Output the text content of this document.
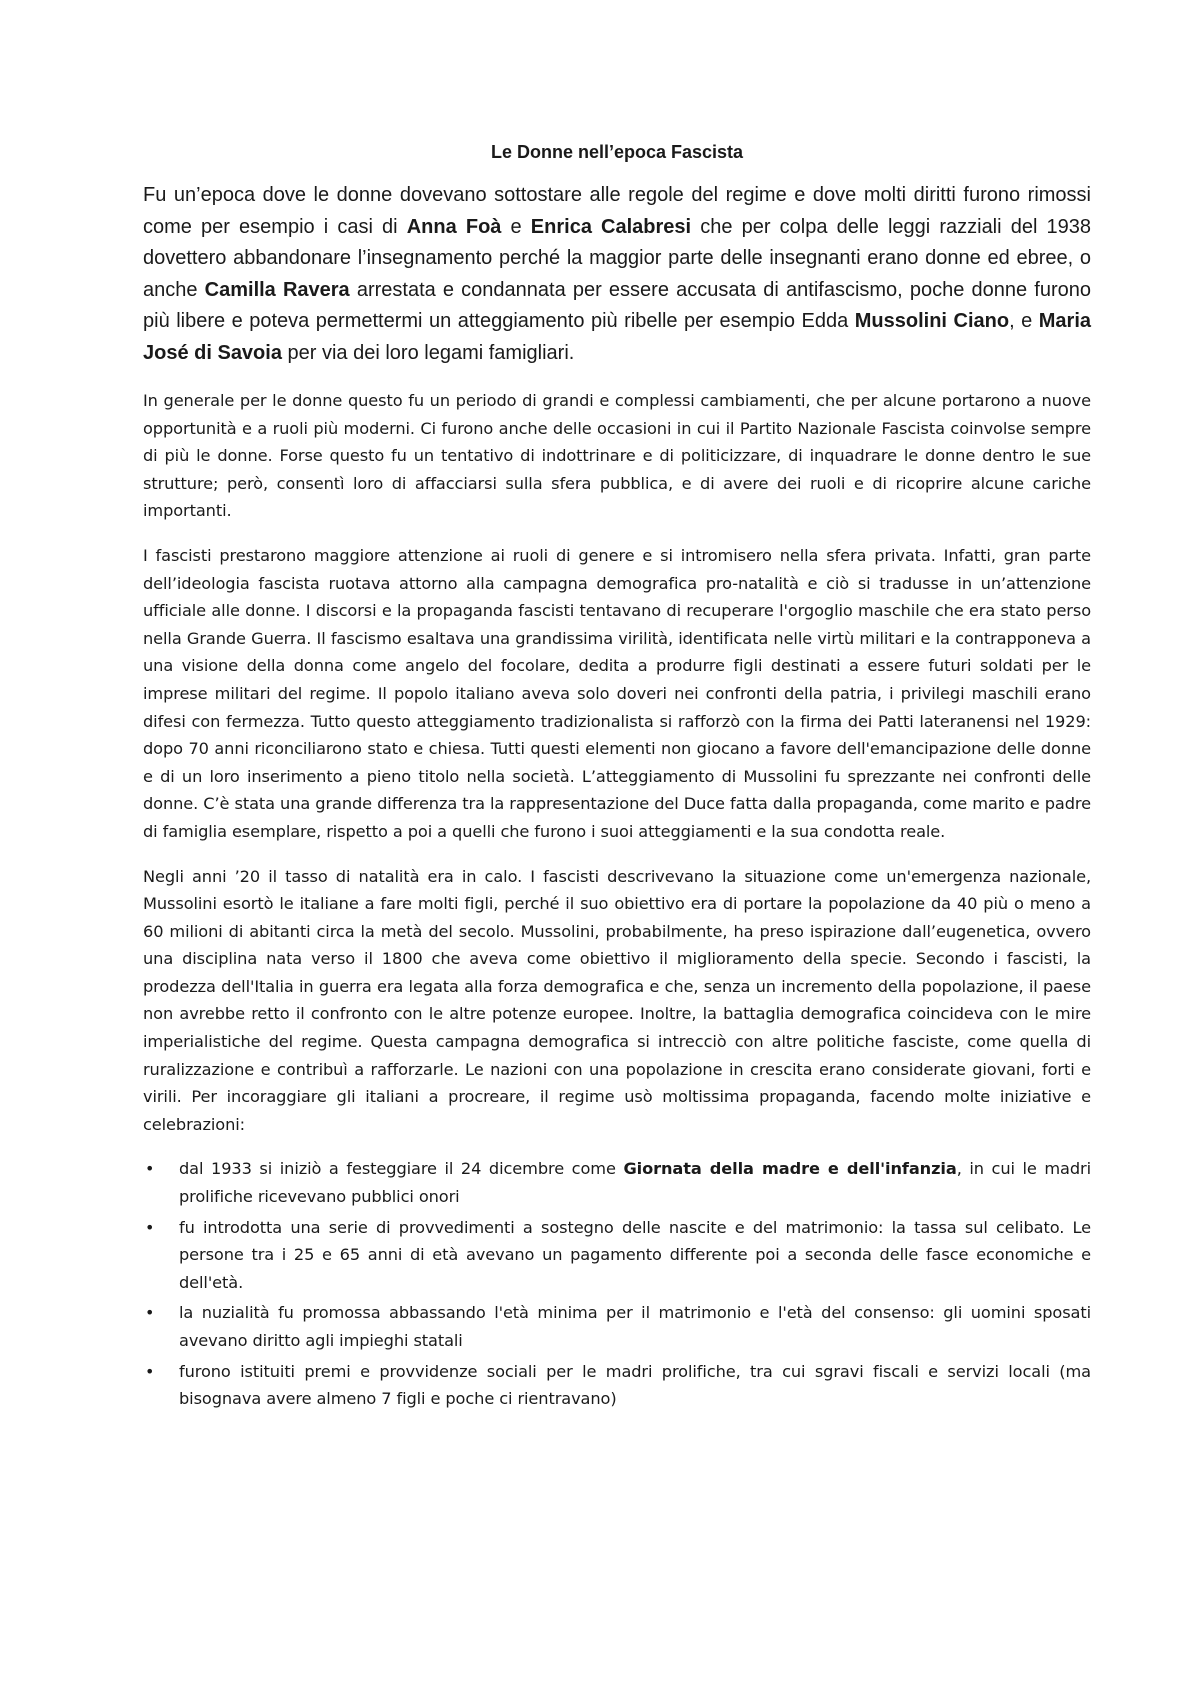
Le Donne nell’epoca Fascista

Fu un’epoca dove le donne dovevano sottostare alle regole del regime e dove molti diritti furono rimossi come per esempio i casi di Anna Foà e Enrica Calabresi che per colpa delle leggi razziali del 1938 dovettero abbandonare l’insegnamento perché la maggior parte delle insegnanti erano donne ed ebree, o anche Camilla Ravera arrestata e condannata per essere accusata di antifascismo, poche donne furono più libere e poteva permettermi un atteggiamento più ribelle per esempio Edda Mussolini Ciano, e Maria José di Savoia per via dei loro legami famigliari.

In generale per le donne questo fu un periodo di grandi e complessi cambiamenti, che per alcune portarono a nuove opportunità e a ruoli più moderni. Ci furono anche delle occasioni in cui il Partito Nazionale Fascista coinvolse sempre di più le donne. Forse questo fu un tentativo di indottrinare e di politicizzare, di inquadrare le donne dentro le sue strutture; però, consentì loro di affacciarsi sulla sfera pubblica, e di avere dei ruoli e di ricoprire alcune cariche importanti.

I fascisti prestarono maggiore attenzione ai ruoli di genere e si intromisero nella sfera privata. Infatti, gran parte dell’ideologia fascista ruotava attorno alla campagna demografica pro-natalità e ciò si tradusse in un’attenzione ufficiale alle donne. I discorsi e la propaganda fascisti tentavano di recuperare l'orgoglio maschile che era stato perso nella Grande Guerra. Il fascismo esaltava una grandissima virilità, identificata nelle virtù militari e la contrapponeva a una visione della donna come angelo del focolare, dedita a produrre figli destinati a essere futuri soldati per le imprese militari del regime. Il popolo italiano aveva solo doveri nei confronti della patria, i privilegi maschili erano difesi con fermezza. Tutto questo atteggiamento tradizionalista si rafforzò con la firma dei Patti lateranensi nel 1929: dopo 70 anni riconciliarono stato e chiesa. Tutti questi elementi non giocano a favore dell'emancipazione delle donne e di un loro inserimento a pieno titolo nella società. L’atteggiamento di Mussolini fu sprezzante nei confronti delle donne. C’è stata una grande differenza tra la rappresentazione del Duce fatta dalla propaganda, come marito e padre di famiglia esemplare, rispetto a poi a quelli che furono i suoi atteggiamenti e la sua condotta reale.

Negli anni ’20 il tasso di natalità era in calo. I fascisti descrivevano la situazione come un'emergenza nazionale, Mussolini esortò le italiane a fare molti figli, perché il suo obiettivo era di portare la popolazione da 40 più o meno a 60 milioni di abitanti circa la metà del secolo. Mussolini, probabilmente, ha preso ispirazione dall’eugenetica, ovvero una disciplina nata verso il 1800 che aveva come obiettivo il miglioramento della specie. Secondo i fascisti, la prodezza dell'Italia in guerra era legata alla forza demografica e che, senza un incremento della popolazione, il paese non avrebbe retto il confronto con le altre potenze europee. Inoltre, la battaglia demografica coincideva con le mire imperialistiche del regime. Questa campagna demografica si intrecciò con altre politiche fasciste, come quella di ruralizzazione e contribuì a rafforzarle. Le nazioni con una popolazione in crescita erano considerate giovani, forti e virili. Per incoraggiare gli italiani a procreare, il regime usò moltissima propaganda, facendo molte iniziative e celebrazioni:

• dal 1933 si iniziò a festeggiare il 24 dicembre come Giornata della madre e dell'infanzia, in cui le madri prolifiche ricevevano pubblici onori
• fu introdotta una serie di provvedimenti a sostegno delle nascite e del matrimonio: la tassa sul celibato. Le persone tra i 25 e 65 anni di età avevano un pagamento differente poi a seconda delle fasce economiche e dell'età.
• la nuzialità fu promossa abbassando l'età minima per il matrimonio e l'età del consenso: gli uomini sposati avevano diritto agli impieghi statali
• furono istituiti premi e provvidenze sociali per le madri prolifiche, tra cui sgravi fiscali e servizi locali (ma bisognava avere almeno 7 figli e poche ci rientravano)
